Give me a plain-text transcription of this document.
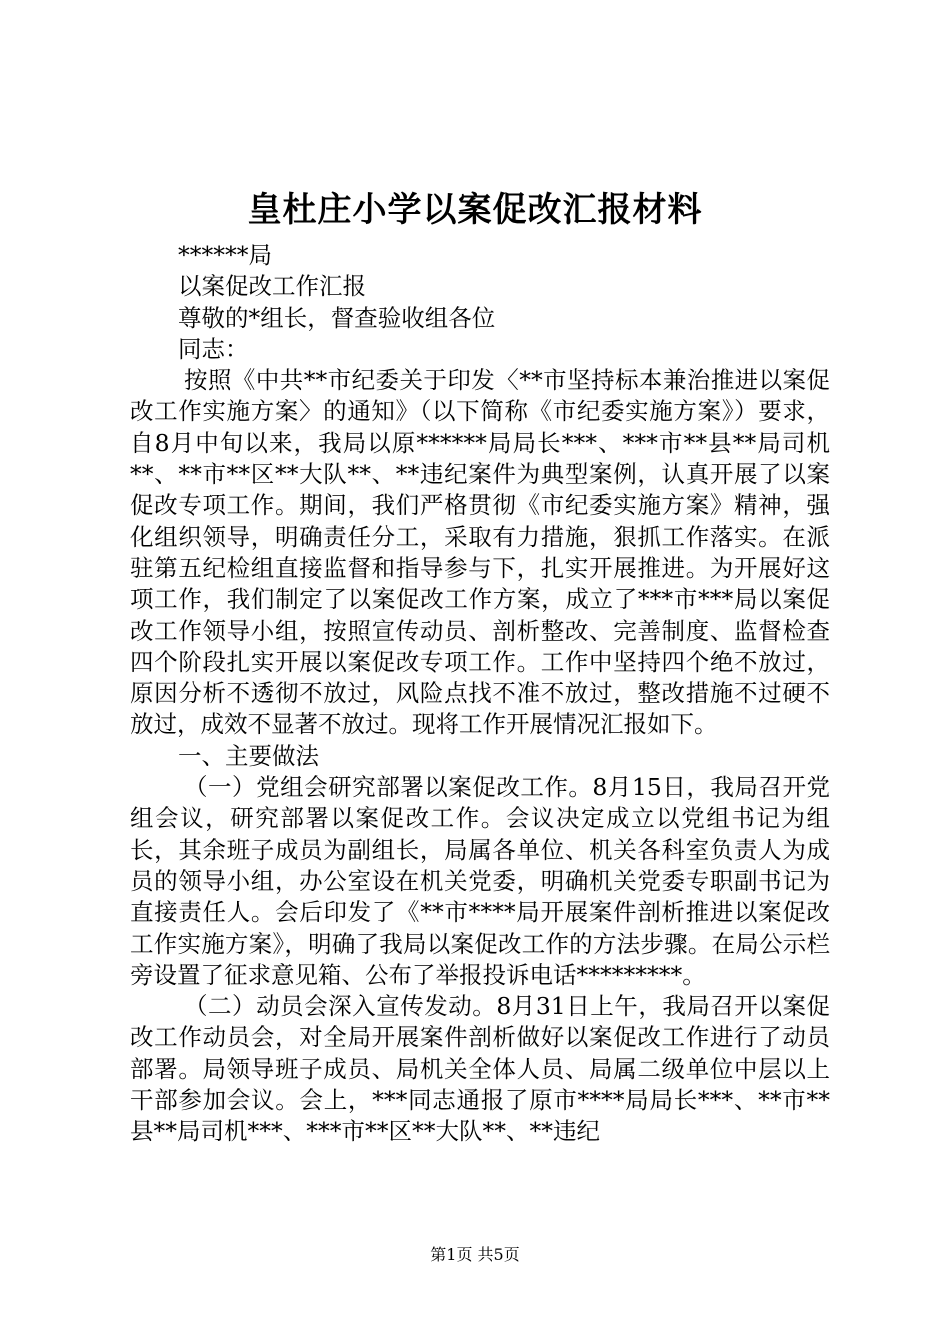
皇杜庄小学以案促改汇报材料

******局

以案促改工作汇报

尊敬的*组长，督查验收组各位

同志：

按照《中共**市纪委关于印发〈**市坚持标本兼治推进以案促改工作实施方案〉的通知》（以下简称《市纪委实施方案》）要求，自8月中旬以来，我局以原******局局长***、***市**县**局司机**、**市**区**大队**、**违纪案件为典型案例，认真开展了以案促改专项工作。期间，我们严格贯彻《市纪委实施方案》精神，强化组织领导，明确责任分工，采取有力措施，狠抓工作落实。在派驻第五纪检组直接监督和指导参与下，扎实开展推进。为开展好这项工作，我们制定了以案促改工作方案，成立了***市***局以案促改工作领导小组，按照宣传动员、剖析整改、完善制度、监督检查四个阶段扎实开展以案促改专项工作。工作中坚持四个绝不放过，原因分析不透彻不放过，风险点找不准不放过，整改措施不过硬不放过，成效不显著不放过。现将工作开展情况汇报如下。

一、主要做法

（一）党组会研究部署以案促改工作。8月15日，我局召开党组会议，研究部署以案促改工作。会议决定成立以党组书记为组长，其余班子成员为副组长，局属各单位、机关各科室负责人为成员的领导小组，办公室设在机关党委，明确机关党委专职副书记为直接责任人。会后印发了《**市****局开展案件剖析推进以案促改工作实施方案》，明确了我局以案促改工作的方法步骤。在局公示栏旁设置了征求意见箱、公布了举报投诉电话*********。

（二）动员会深入宣传发动。8月31日上午，我局召开以案促改工作动员会，对全局开展案件剖析做好以案促改工作进行了动员部署。局领导班子成员、局机关全体人员、局属二级单位中层以上干部参加会议。会上，***同志通报了原市****局局长***、**市**县**局司机***、***市**区**大队**、**违纪

第1页 共5页
